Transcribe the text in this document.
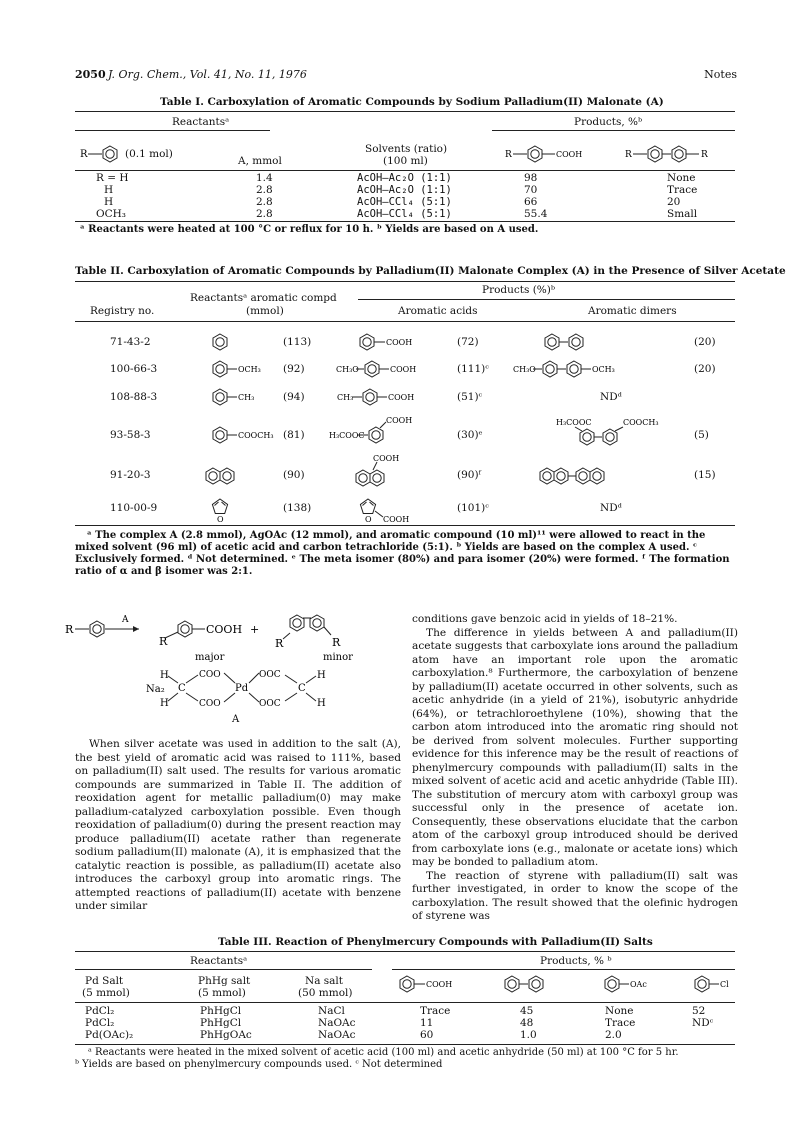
2050 J. Org. Chem., Vol. 41, No. 11, 1976	Notes
Table I. Carboxylation of Aromatic Compounds by Sodium Palladium(II) Malonate (A)
Reactantsᵃ	Products, %ᵇ
R	(0.1 mol)
A, mmol
Solvents (ratio)
(100 ml)	R	COOH	R	R
R = H	1.4	AcOH–Ac₂O (1:1)	98	None
H	2.8	AcOH–Ac₂O (1:1)	70	Trace
H	2.8	AcOH–CCl₄ (5:1)	66	20
OCH₃	2.8	AcOH–CCl₄ (5:1)	55.4	Small
ᵃ Reactants were heated at 100 °C or reflux for 10 h. ᵇ Yields are based on A used.
Table II. Carboxylation of Aromatic Compounds by Palladium(II) Malonate Complex (A) in the Presence of Silver Acetate
Products (%)ᵇ
Registry no.
Reactantsᵃ aromatic compd
(mmol)	Aromatic acids	Aromatic dimers
COOH
OCH₃	CH₃O	COOH	CH₃O	OCH₃
CH₃	CH₃	COOH
COOCH₃	H₃COOC
COOH	H₃COOC	COOCH₃
COOH
O	O COOH
71-43-2	(113)	(72)	(20)
100-66-3	(92)	(111)ᶜ	(20)
108-88-3	(94)	(51)ᶜ	NDᵈ
93-58-3	(81)	(30)ᵉ	(5)
91-20-3	(90)	(90)ᶠ	(15)
110-00-9	(138)	(101)ᶜ	NDᵈ
ᵃ The complex A (2.8 mmol), AgOAc (12 mmol), and aromatic compound (10 ml)¹¹ were allowed to react in the mixed solvent (96 ml) of acetic acid and carbon tetrachloride (5:1). ᵇ Yields are based on the complex A used. ᶜ Exclusively formed. ᵈ Not determined. ᵉ The meta isomer (80%) and para isomer (20%) were formed. ᶠ The formation ratio of α and β isomer was 2:1.
R
A
R
COOH +
R	R
major	minor
H
Na₂ C
H
COO
COO
Pd
OOC
OOC
C
H
H
A

When silver acetate was used in addition to the salt (A), the best yield of aromatic acid was raised to 111%, based on palladium(II) salt used. The results for various aromatic compounds are summarized in Table II. The addition of reoxidation agent for metallic palladium(0) may make palladium-catalyzed carboxylation possible. Even though reoxidation of palladium(0) during the present reaction may produce palladium(II) acetate rather than regenerate sodium palladium(II) malonate (A), it is emphasized that the catalytic reaction is possible, as palladium(II) acetate also introduces the carboxyl group into aromatic rings. The attempted reactions of palladium(II) acetate with benzene under similar

conditions gave benzoic acid in yields of 18–21%.

The difference in yields between A and palladium(II) acetate suggests that carboxylate ions around the palladium atom have an important role upon the aromatic carboxylation.⁸ Furthermore, the carboxylation of benzene by palladium(II) acetate occurred in other solvents, such as acetic anhydride (in a yield of 21%), isobutyric anhydride (64%), or tetrachloroethylene (10%), showing that the carbon atom introduced into the aromatic ring should not be derived from solvent molecules. Further supporting evidence for this inference may be the result of reactions of phenylmercury compounds with palladium(II) salts in the mixed solvent of acetic acid and acetic anhydride (Table III). The substitution of mercury atom with carboxyl group was successful only in the presence of acetate ion. Consequently, these observations elucidate that the carbon atom of the carboxyl group introduced should be derived from carboxylate ions (e.g., malonate or acetate ions) which may be bonded to palladium atom.

The reaction of styrene with palladium(II) salt was further investigated, in order to know the scope of the carboxylation. The result showed that the olefinic hydrogen of styrene was

Table III. Reaction of Phenylmercury Compounds with Palladium(II) Salts
Reactantsᵃ	Products, % ᵇ
Pd Salt
(5 mmol)
PhHg salt
(5 mmol)
Na salt
(50 mmol)
COOH	OAc	Cl
PdCl₂	PhHgCl	NaCl	Trace	45	None	52
PdCl₂	PhHgCl	NaOAc	11	48	Trace	NDᶜ
Pd(OAc)₂	PhHgOAc	NaOAc	60	1.0	2.0
ᵃ Reactants were heated in the mixed solvent of acetic acid (100 ml) and acetic anhydride (50 ml) at 100 °C for 5 hr.
ᵇ Yields are based on phenylmercury compounds used. ᶜ Not determined
